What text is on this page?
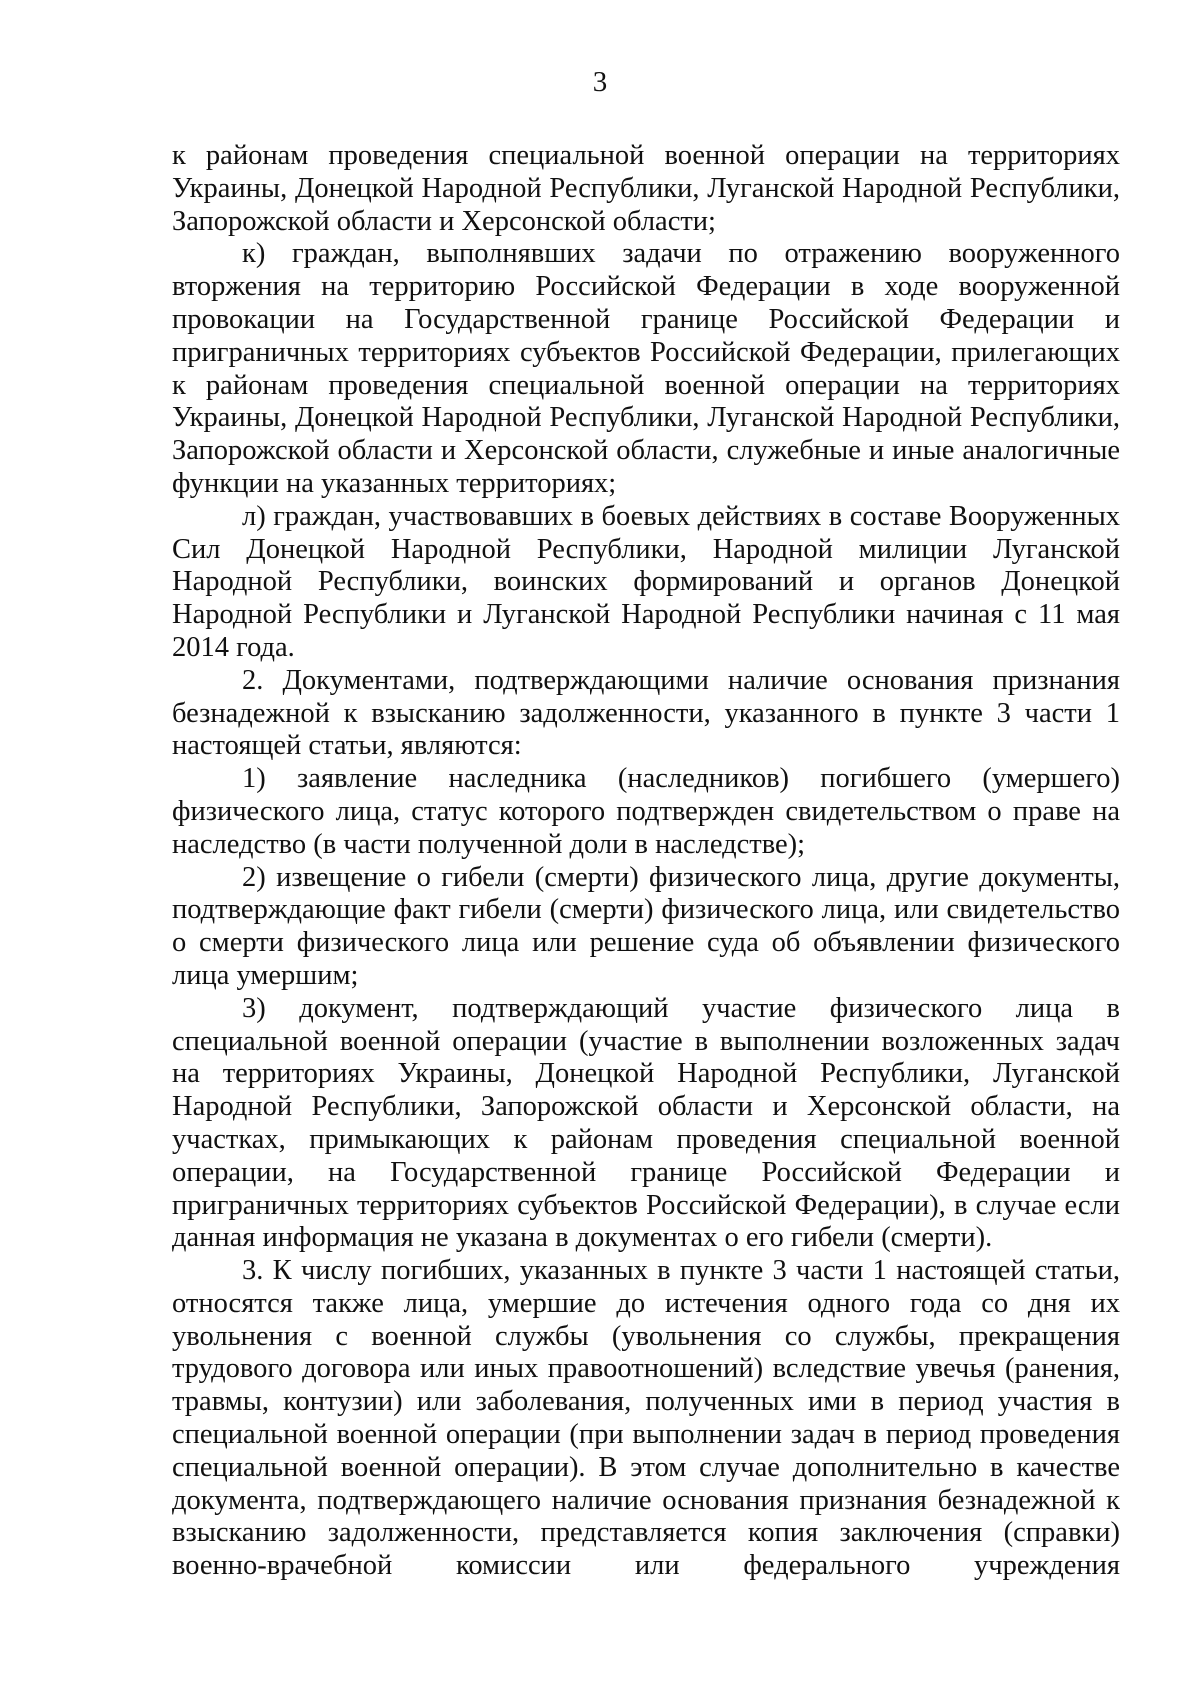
3

к районам проведения специальной военной операции на территориях Украины, Донецкой Народной Республики, Луганской Народной Республики, Запорожской области и Херсонской области;

к) граждан, выполнявших задачи по отражению вооруженного вторжения на территорию Российской Федерации в ходе вооруженной провокации на Государственной границе Российской Федерации и приграничных территориях субъектов Российской Федерации, прилегающих к районам проведения специальной военной операции на территориях Украины, Донецкой Народной Республики, Луганской Народной Республики, Запорожской области и Херсонской области, служебные и иные аналогичные функции на указанных территориях;

л) граждан, участвовавших в боевых действиях в составе Вооруженных Сил Донецкой Народной Республики, Народной милиции Луганской Народной Республики, воинских формирований и органов Донецкой Народной Республики и Луганской Народной Республики начиная с 11 мая 2014 года.

2. Документами, подтверждающими наличие основания признания безнадежной к взысканию задолженности, указанного в пункте 3 части 1 настоящей статьи, являются:

1) заявление наследника (наследников) погибшего (умершего) физического лица, статус которого подтвержден свидетельством о праве на наследство (в части полученной доли в наследстве);

2) извещение о гибели (смерти) физического лица, другие документы, подтверждающие факт гибели (смерти) физического лица, или свидетельство о смерти физического лица или решение суда об объявлении физического лица умершим;

3) документ, подтверждающий участие физического лица в специальной военной операции (участие в выполнении возложенных задач на территориях Украины, Донецкой Народной Республики, Луганской Народной Республики, Запорожской области и Херсонской области, на участках, примыкающих к районам проведения специальной военной операции, на Государственной границе Российской Федерации и приграничных территориях субъектов Российской Федерации), в случае если данная информация не указана в документах о его гибели (смерти).

3. К числу погибших, указанных в пункте 3 части 1 настоящей статьи, относятся также лица, умершие до истечения одного года со дня их увольнения с военной службы (увольнения со службы, прекращения трудового договора или иных правоотношений) вследствие увечья (ранения, травмы, контузии) или заболевания, полученных ими в период участия в специальной военной операции (при выполнении задач в период проведения специальной военной операции). В этом случае дополнительно в качестве документа, подтверждающего наличие основания признания безнадежной к взысканию задолженности, представляется копия заключения (справки) военно-врачебной комиссии или федерального учреждения
